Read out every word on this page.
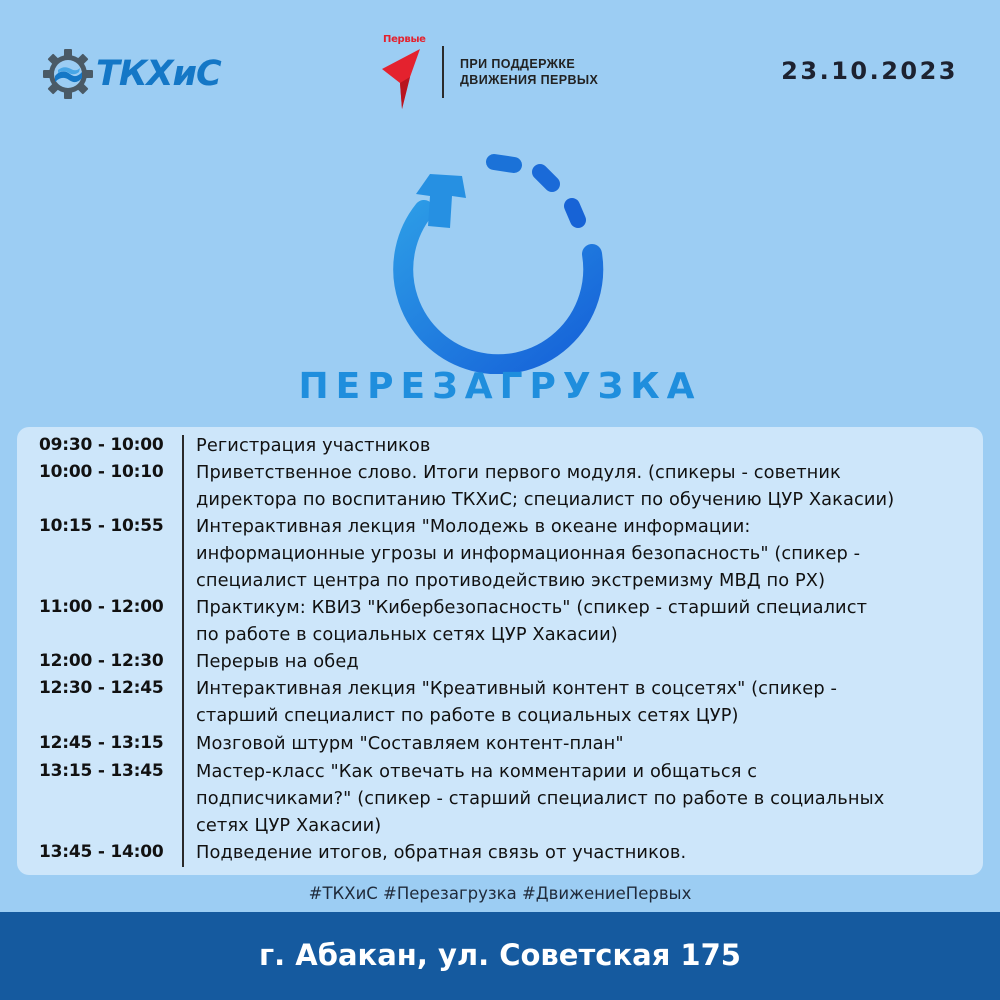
ТКХиС
Первые
ПРИ ПОДДЕРЖКЕ
ДВИЖЕНИЯ ПЕРВЫХ	23.10.2023
ПЕРЕЗАГРУЗКА
09:30 - 10:00 Регистрация участников
10:00 - 10:10 Приветственное слово. Итоги первого модуля. (спикеры - советник
директора по воспитанию ТКХиС; специалист по обучению ЦУР Хакасии)
10:15 - 10:55 Интерактивная лекция "Молодежь в океане информации:
информационные угрозы и информационная безопасность" (спикер -
специалист центра по противодействию экстремизму МВД по РХ)
11:00 - 12:00 Практикум: КВИЗ "Кибербезопасность" (спикер - старший специалист
по работе в социальных сетях ЦУР Хакасии)
12:00 - 12:30 Перерыв на обед
12:30 - 12:45 Интерактивная лекция "Креативный контент в соцсетях" (спикер -
старший специалист по работе в социальных сетях ЦУР)
12:45 - 13:15 Мозговой штурм "Составляем контент-план"
13:15 - 13:45 Мастер-класс "Как отвечать на комментарии и общаться с
подписчиками?" (спикер - старший специалист по работе в социальных
сетях ЦУР Хакасии)
13:45 - 14:00 Подведение итогов, обратная связь от участников.
#ТКХиС #Перезагрузка #ДвижениеПервых
г. Абакан, ул. Советская 175
